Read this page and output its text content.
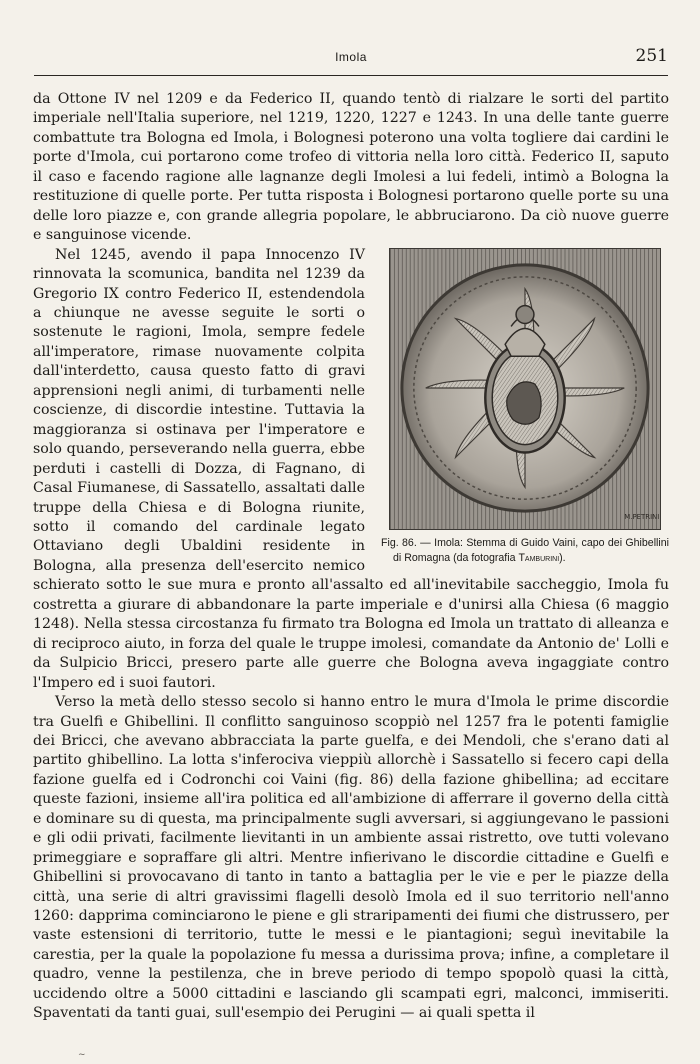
Imola	251

da Ottone IV nel 1209 e da Federico II, quando tentò di rialzare le sorti del partito imperiale nell'Italia superiore, nel 1219, 1220, 1227 e 1243. In una delle tante guerre combattute tra Bologna ed Imola, i Bolognesi poterono una volta togliere dai cardini le porte d'Imola, cui portarono come trofeo di vittoria nella loro città. Federico II, saputo il caso e facendo ragione alle lagnanze degli Imolesi a lui fedeli, intimò a Bologna la restituzione di quelle porte. Per tutta risposta i Bolognesi portarono quelle porte su una delle loro piazze e, con grande allegria popolare, le abbruciarono. Da ciò nuove guerre e sanguinose vicende.

M.PETRINI
Fig. 86. — Imola: Stemma di Guido Vaini, capo dei Ghibellini di Romagna (da fotografia Tamburini).
Nel 1245, avendo il papa Innocenzo IV rinnovata la scomunica, bandita nel 1239 da Gregorio IX contro Federico II, estendendola a chiunque ne avesse seguite le sorti o sostenute le ragioni, Imola, sempre fedele all'imperatore, rimase nuovamente colpita dall'interdetto, causa questo fatto di gravi apprensioni negli animi, di turbamenti nelle coscienze, di discordie intestine. Tuttavia la maggioranza si ostinava per l'imperatore e solo quando, perseverando nella guerra, ebbe perduti i castelli di Dozza, di Fagnano, di Casal Fiumanese, di Sassatello, assaltati dalle truppe della Chiesa e di Bologna riunite, sotto il comando del cardinale legato Ottaviano degli Ubaldini residente in Bologna, alla presenza dell'esercito nemico schierato sotto le sue mura e pronto all'assalto ed all'inevitabile saccheggio, Imola fu costretta a giurare di abbandonare la parte imperiale e d'unirsi alla Chiesa (6 maggio 1248). Nella stessa circostanza fu firmato tra Bologna ed Imola un trattato di alleanza e di reciproco aiuto, in forza del quale le truppe imolesi, comandate da Antonio de' Lolli e da Sulpicio Bricci, presero parte alle guerre che Bologna aveva ingaggiate contro l'Impero ed i suoi fautori.

Verso la metà dello stesso secolo si hanno entro le mura d'Imola le prime discordie tra Guelfi e Ghibellini. Il conflitto sanguinoso scoppiò nel 1257 fra le potenti famiglie dei Bricci, che avevano abbracciata la parte guelfa, e dei Mendoli, che s'erano dati al partito ghibellino. La lotta s'inferociva vieppiù allorchè i Sassatello si fecero capi della fazione guelfa ed i Codronchi coi Vaini (fig. 86) della fazione ghibellina; ad eccitare queste fazioni, insieme all'ira politica ed all'ambizione di afferrare il governo della città e dominare su di questa, ma principalmente sugli avversari, si aggiungevano le passioni e gli odii privati, facilmente lievitanti in un ambiente assai ristretto, ove tutti volevano primeggiare e sopraffare gli altri. Mentre infierivano le discordie cittadine e Guelfi e Ghibellini si provocavano di tanto in tanto a battaglia per le vie e per le piazze della città, una serie di altri gravissimi flagelli desolò Imola ed il suo territorio nell'anno 1260: dapprima cominciarono le piene e gli straripamenti dei fiumi che distrussero, per vaste estensioni di territorio, tutte le messi e le piantagioni; seguì inevitabile la carestia, per la quale la popolazione fu messa a durissima prova; infine, a completare il quadro, venne la pestilenza, che in breve periodo di tempo spopolò quasi la città, uccidendo oltre a 5000 cittadini e lasciando gli scampati egri, malconci, immiseriti. Spaventati da tanti guai, sull'esempio dei Perugini — ai quali spetta il

~
